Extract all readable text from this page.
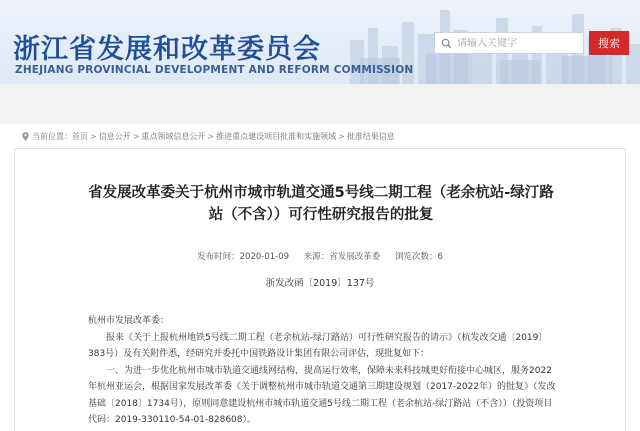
浙江省发展和改革委员会
ZHEJIANG PROVINCIAL DEVELOPMENT AND REFORM COMMISSION
请输入关键字
搜索
当前位置： 首页 > 信息公开 > 重点领域信息公开 > 推进重点建设项目批准和实施领域 > 批准结果信息
省发展改革委关于杭州市城市轨道交通5号线二期工程（老余杭站-绿汀路站（不含））可行性研究报告的批复
发布时间：2020-01-09 来源：省发展改革委 浏览次数：6
浙发改函〔2019〕137号

杭州市发展改革委：

报来《关于上报杭州地铁5号线二期工程（老余杭站-绿汀路站）可行性研究报告的请示》（杭发改交通〔2019〕383号）及有关附件悉，经研究并委托中国铁路设计集团有限公司评估，现批复如下：

一、为进一步优化杭州市城市轨道交通线网结构，提高运行效率，保障未来科技城更好衔接中心城区，服务2022年杭州亚运会，根据国家发展改革委《关于调整杭州市城市轨道交通第三期建设规划（2017-2022年）的批复》（发改基础〔2018〕1734号），原则同意建设杭州市城市轨道交通5号线二期工程（老余杭站-绿汀路站（不含））（投资项目代码：2019-330110-54-01-828608）。
